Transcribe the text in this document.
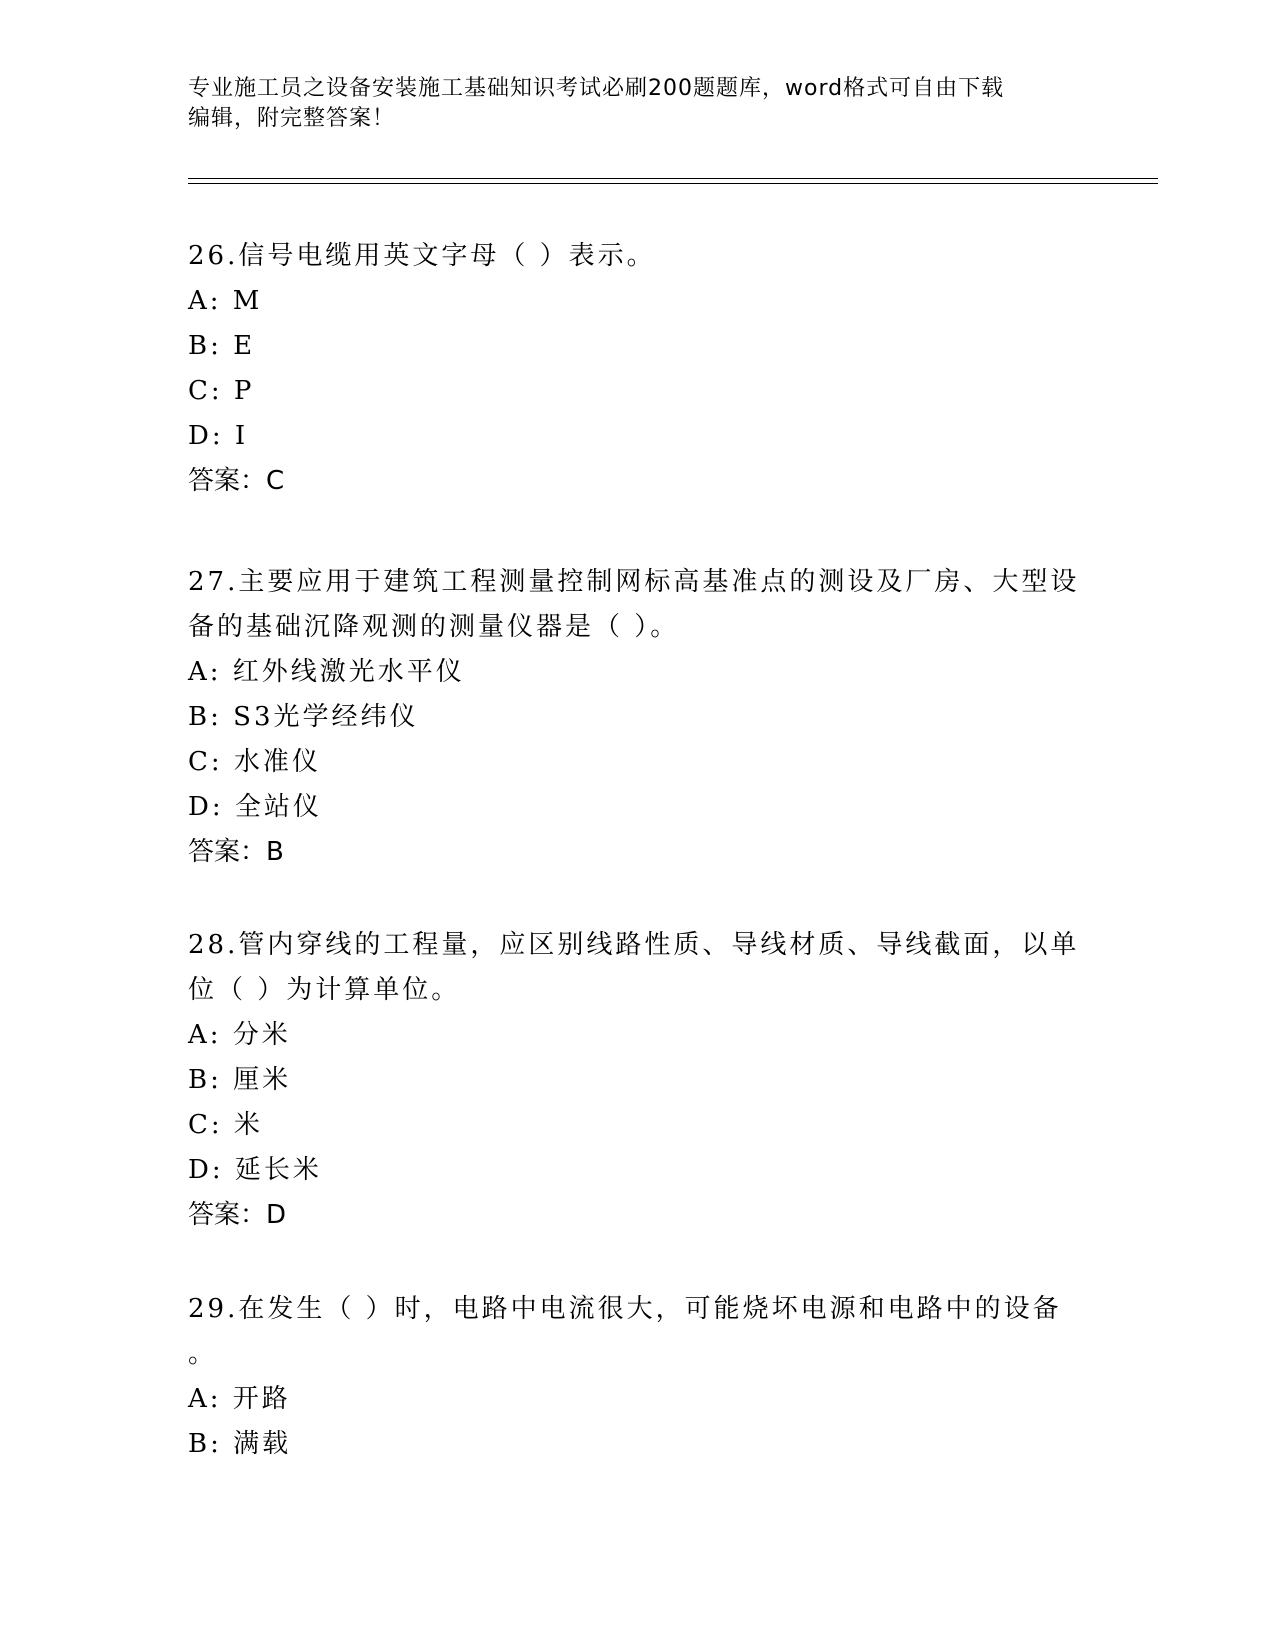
专业施工员之设备安装施工基础知识考试必刷200题题库，word格式可自由下载
编辑，附完整答案！

26.信号电缆用英文字母（ ）表示。

A: M

B: E

C: P

D: I

答案：C

27.主要应用于建筑工程测量控制网标高基准点的测设及厂房、大型设

备的基础沉降观测的测量仪器是（ ）。

A: 红外线激光水平仪

B: S3光学经纬仪

C: 水准仪

D: 全站仪

答案：B

28.管内穿线的工程量，应区别线路性质、导线材质、导线截面，以单

位（ ）为计算单位。

A: 分米

B: 厘米

C: 米

D: 延长米

答案：D

29.在发生（ ）时，电路中电流很大，可能烧坏电源和电路中的设备

。

A: 开路

B: 满载
